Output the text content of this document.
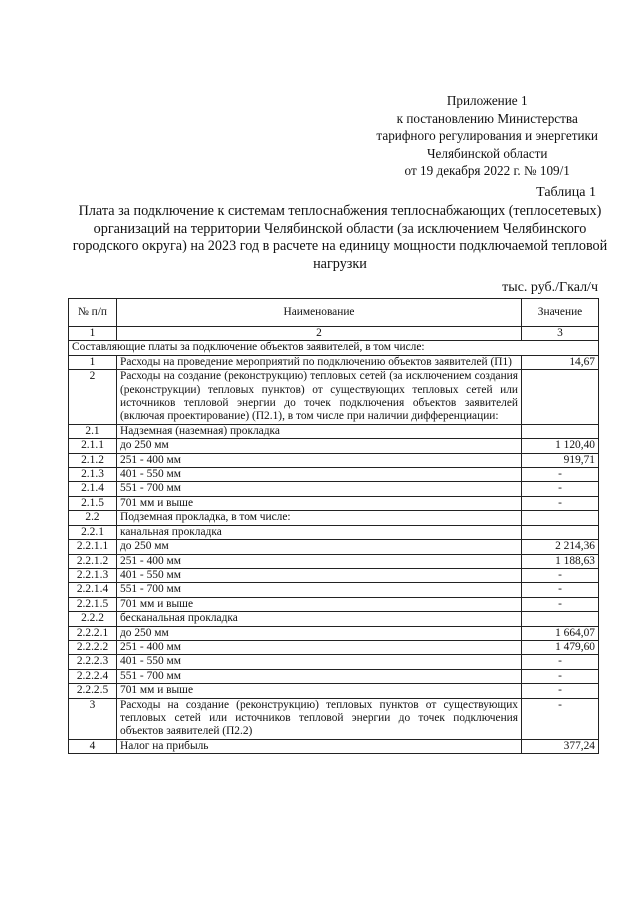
Приложение 1
к постановлению Министерства
тарифного регулирования и энергетики
Челябинской области
от 19 декабря 2022 г. № 109/1
Таблица 1
Плата за подключение к системам теплоснабжения теплоснабжающих (теплосетевых) организаций на территории Челябинской области (за исключением Челябинского городского округа) на 2023 год в расчете на единицу мощности подключаемой тепловой нагрузки
тыс. руб./Гкал/ч
№ п/п	Наименование	Значение
1	2	3
Составляющие платы за подключение объектов заявителей, в том числе:		
1	Расходы на проведение мероприятий по подключению объектов заявителей (П1)	14,67
2	Расходы на создание (реконструкцию) тепловых сетей (за исключением создания (реконструкции) тепловых пунктов) от существующих тепловых сетей или источников тепловой энергии до точек подключения объектов заявителей (включая проектирование) (П2.1), в том числе при наличии дифференциации:	
2.1	Надземная (наземная) прокладка	
2.1.1	до 250 мм	1 120,40
2.1.2	251 - 400 мм	919,71
2.1.3	401 - 550 мм	-
2.1.4	551 - 700 мм	-
2.1.5	701 мм и выше	-
2.2	Подземная прокладка, в том числе:	
2.2.1	канальная прокладка	
2.2.1.1	до 250 мм	2 214,36
2.2.1.2	251 - 400 мм	1 188,63
2.2.1.3	401 - 550 мм	-
2.2.1.4	551 - 700 мм	-
2.2.1.5	701 мм и выше	-
2.2.2	бесканальная прокладка	
2.2.2.1	до 250 мм	1 664,07
2.2.2.2	251 - 400 мм	1 479,60
2.2.2.3	401 - 550 мм	-
2.2.2.4	551 - 700 мм	-
2.2.2.5	701 мм и выше	-
3	Расходы на создание (реконструкцию) тепловых пунктов от существующих тепловых сетей или источников тепловой энергии до точек подключения объектов заявителей (П2.2)	-
4	Налог на прибыль	377,24
